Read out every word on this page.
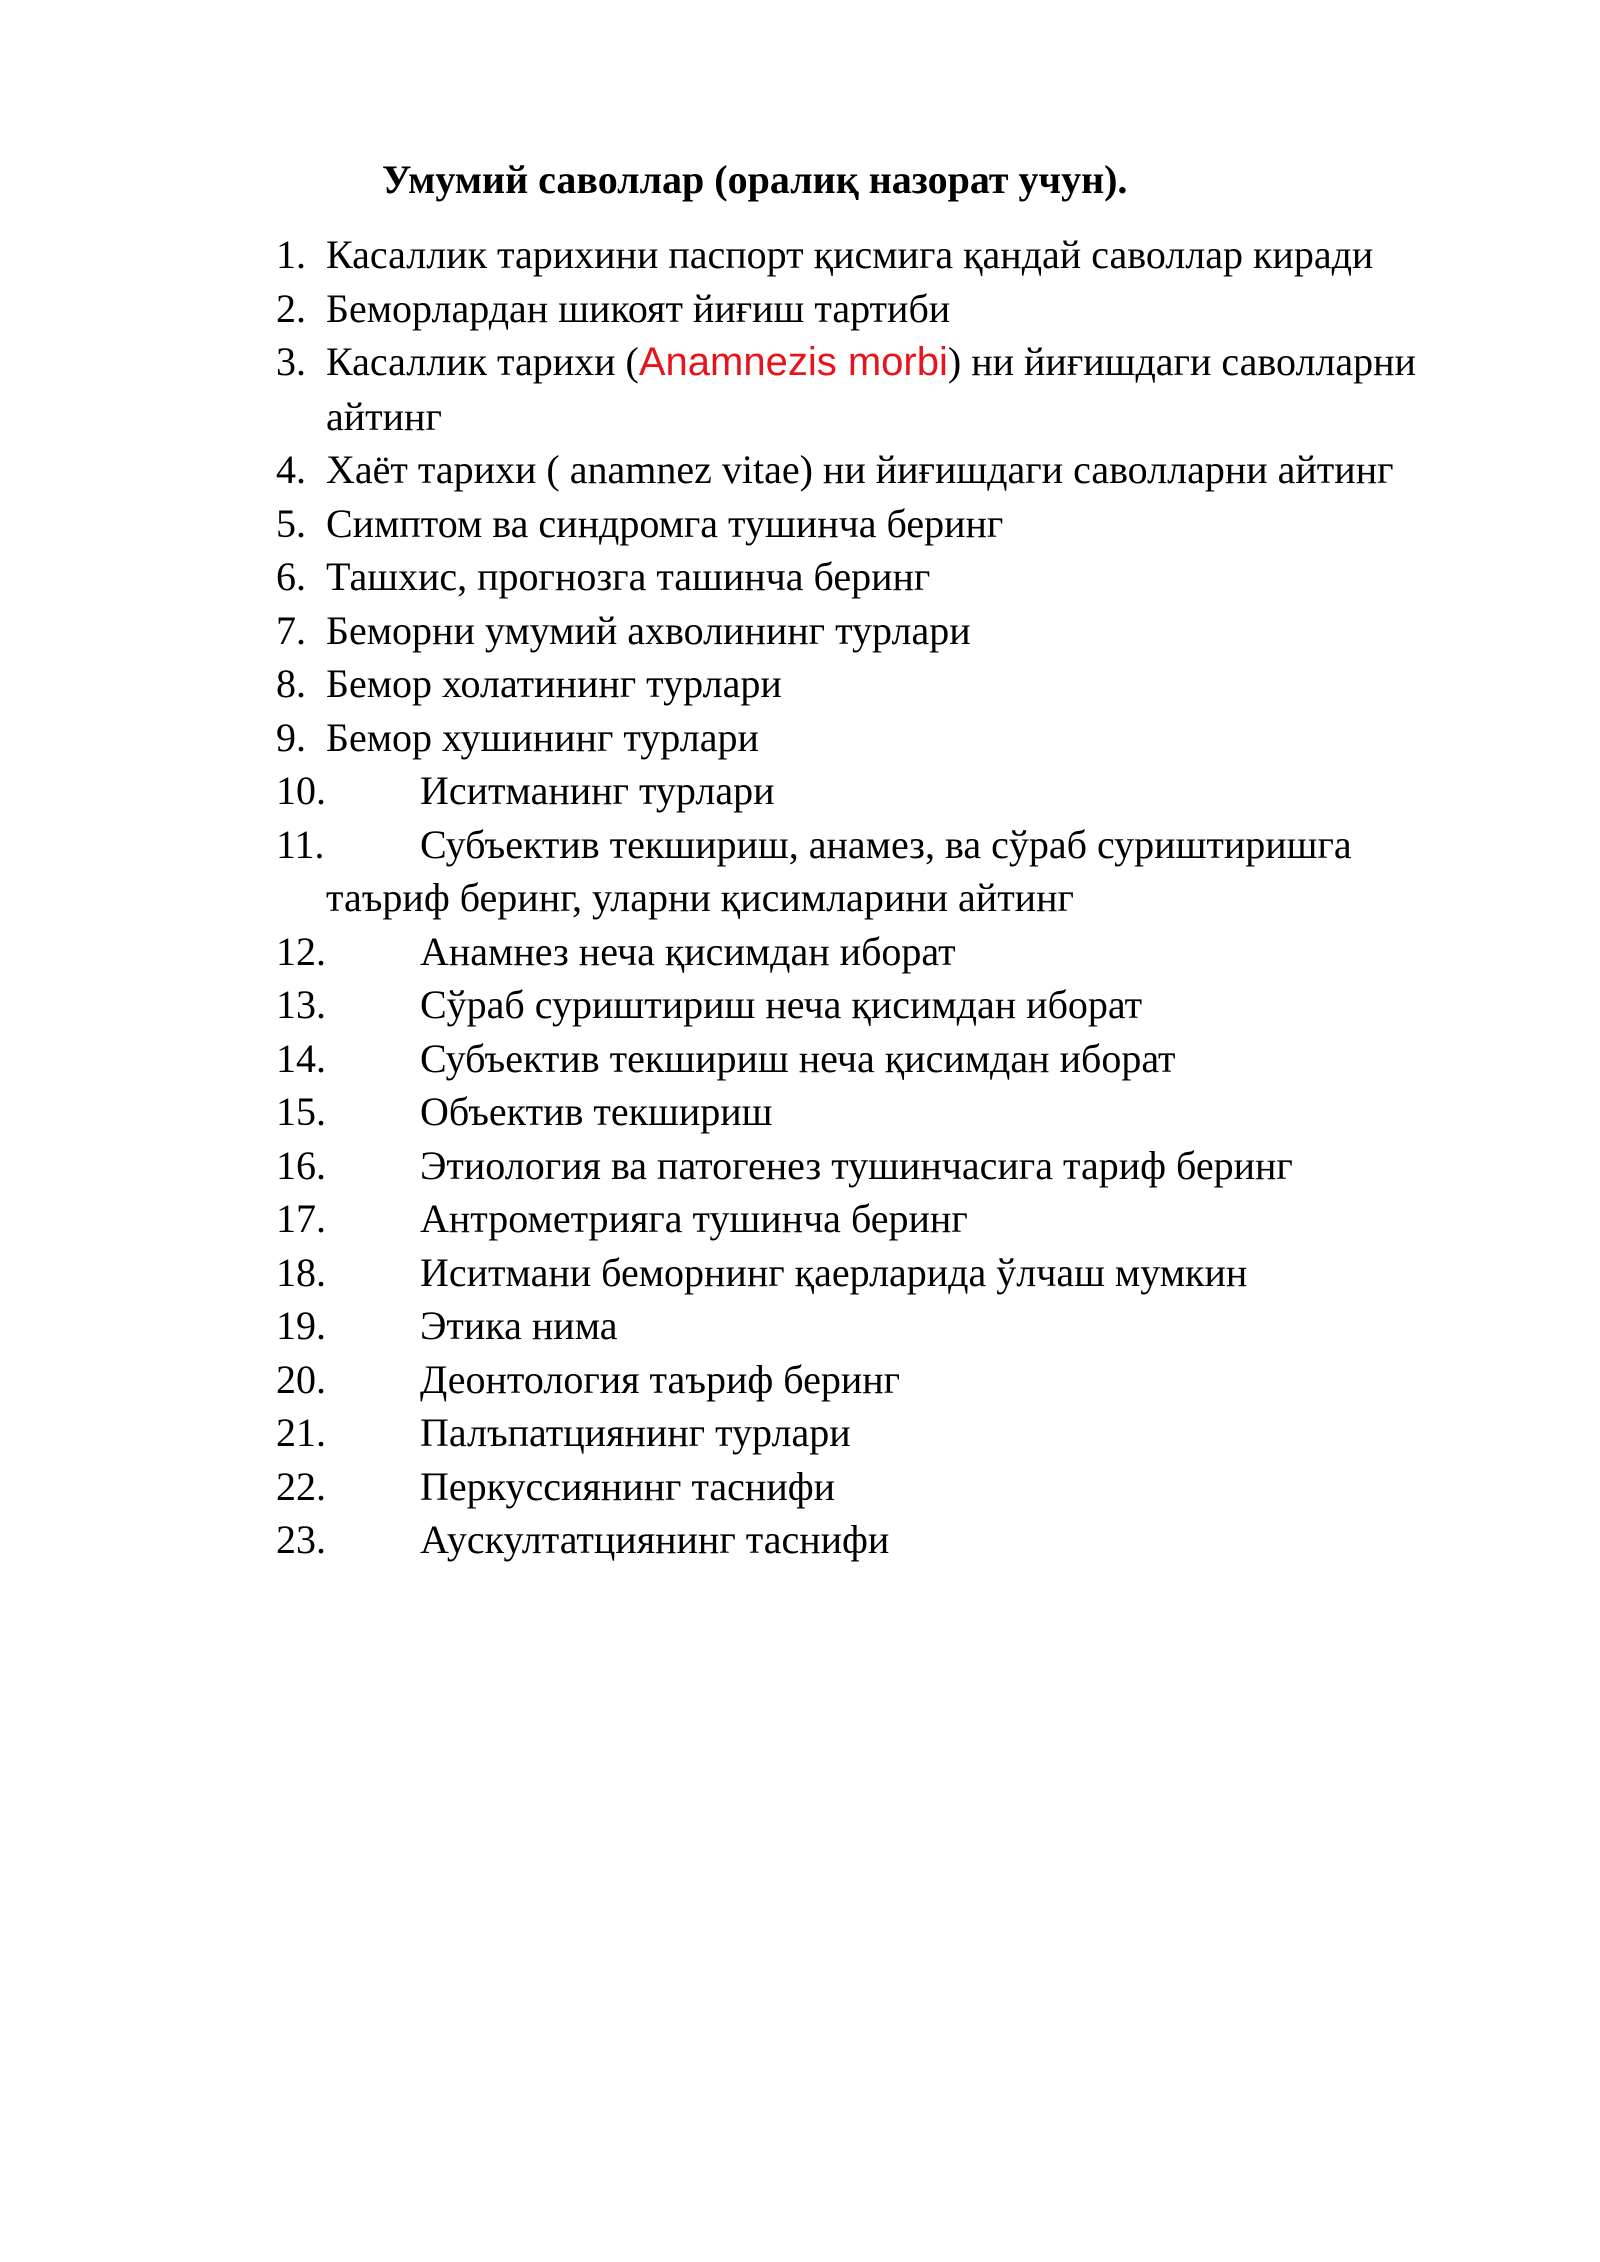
Умумий саволлар (оралиқ назорат учун).
1. Касаллик тарихини паспорт қисмига қандай саволлар киради
2. Беморлардан шикоят йиғиш тартиби
3. Касаллик тарихи (Anamnezis morbi) ни йиғишдаги саволларни
айтинг
4. Хаёт тарихи ( anamnez vitae) ни йиғишдаги саволларни айтинг
5. Симптом ва синдромга тушинча беринг
6. Ташхис, прогнозга ташинча беринг
7. Беморни умумий ахволининг турлари
8. Бемор холатининг турлари
9. Бемор хушининг турлари
10. Иситманинг турлари
11. Субъектив текшириш, анамез, ва сўраб суриштиришга
таъриф беринг, уларни қисимларини айтинг
12. Анамнез неча қисимдан иборат
13. Сўраб суриштириш неча қисимдан иборат
14. Субъектив текшириш неча қисимдан иборат
15. Объектив текшириш
16. Этиология ва патогенез тушинчасига тариф беринг
17. Антрометрияга тушинча беринг
18. Иситмани беморнинг қаерларида ўлчаш мумкин
19. Этика нима
20. Деонтология таъриф беринг
21. Палъпатциянинг турлари
22. Перкуссиянинг таснифи
23. Аускултатциянинг таснифи
